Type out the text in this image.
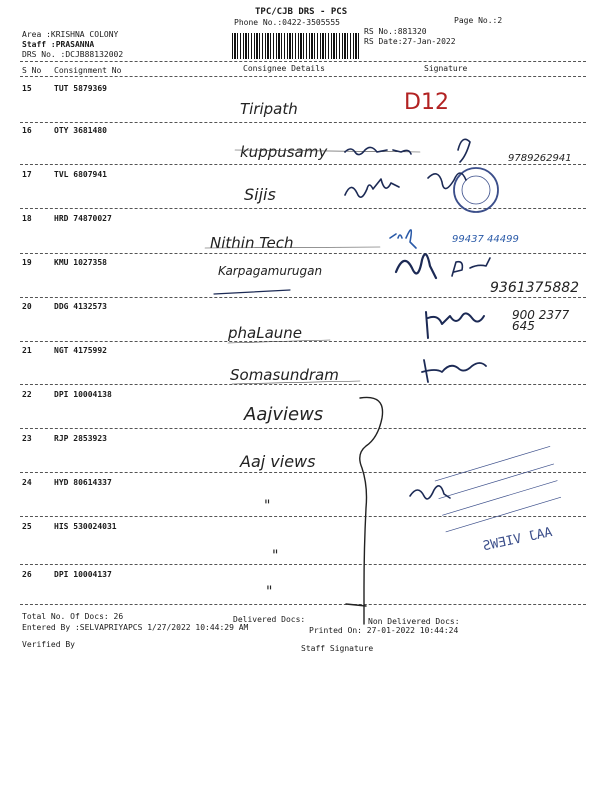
TPC/CJB DRS - PCS
Phone No.:0422-3505555	Page No.:2
Area :KRISHNA COLONY
Staff :PRASANNA
DRS No. :DCJB88132002
RS No.:881320
RS Date:27-Jan-2022
S No Consignment No	Consignee Details	Signature
15	TUT 5879369
Tiripath	D12
16	OTY 3681480
kuppusamy	9789262941
17	TVL 6807941
Sijis
18	HRD 74870027
Nithin Tech	99437 44499
19	KMU 1027358
Karpagamurugan
9361375882
20	DDG 4132573
phaLaune
900 2377 645
21	NGT 4175992
Somasundram
22	DPI 10004138
Aajviews
23	RJP 2853923
Aaj views
24	HYD 80614337
"
25	HIS 530024031
"
26	DPI 10004137
"
AAJ VIEWS
Total No. Of Docs: 26	Delivered Docs:	Non Delivered Docs:
Entered By :SELVAPRIYAPCS 1/27/2022 10:44:29 AM	Printed On: 27-01-2022 10:44:24
Verified By	Staff Signature
